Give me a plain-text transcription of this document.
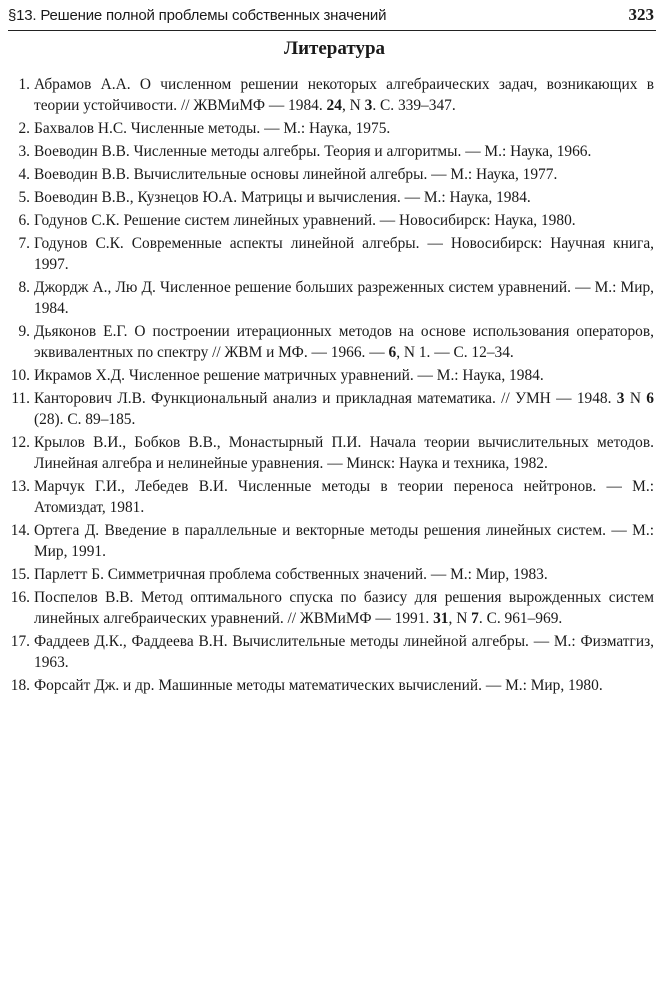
§13. Решение полной проблемы собственных значений	323
Литература
1. Абрамов А.А. О численном решении некоторых алгебраических задач, возникающих в теории устойчивости. // ЖВМиМФ — 1984. 24, N 3. С. 339–347.
2. Бахвалов Н.С. Численные методы. — М.: Наука, 1975.
3. Воеводин В.В. Численные методы алгебры. Теория и алгоритмы. — М.: Наука, 1966.
4. Воеводин В.В. Вычислительные основы линейной алгебры. — М.: Наука, 1977.
5. Воеводин В.В., Кузнецов Ю.А. Матрицы и вычисления. — М.: Наука, 1984.
6. Годунов С.К. Решение систем линейных уравнений. — Новосибирск: Наука, 1980.
7. Годунов С.К. Современные аспекты линейной алгебры. — Новосибирск: Научная книга, 1997.
8. Джордж А., Лю Д. Численное решение больших разреженных систем уравнений. — М.: Мир, 1984.
9. Дьяконов Е.Г. О построении итерационных методов на основе использования операторов, эквивалентных по спектру // ЖВМ и МФ. — 1966. — 6, N 1. — С. 12–34.
10. Икрамов Х.Д. Численное решение матричных уравнений. — М.: Наука, 1984.
11. Канторович Л.В. Функциональный анализ и прикладная математика. // УМН — 1948. 3 N 6 (28). С. 89–185.
12. Крылов В.И., Бобков В.В., Монастырный П.И. Начала теории вычислительных методов. Линейная алгебра и нелинейные уравнения. — Минск: Наука и техника, 1982.
13. Марчук Г.И., Лебедев В.И. Численные методы в теории переноса нейтронов. — М.: Атомиздат, 1981.
14. Ортега Д. Введение в параллельные и векторные методы решения линейных систем. — М.: Мир, 1991.
15. Парлетт Б. Симметричная проблема собственных значений. — М.: Мир, 1983.
16. Поспелов В.В. Метод оптимального спуска по базису для решения вырожденных систем линейных алгебраических уравнений. // ЖВМиМФ — 1991. 31, N 7. С. 961–969.
17. Фаддеев Д.К., Фаддеева В.Н. Вычислительные методы линейной алгебры. — М.: Физматгиз, 1963.
18. Форсайт Дж. и др. Машинные методы математических вычислений. — М.: Мир, 1980.
